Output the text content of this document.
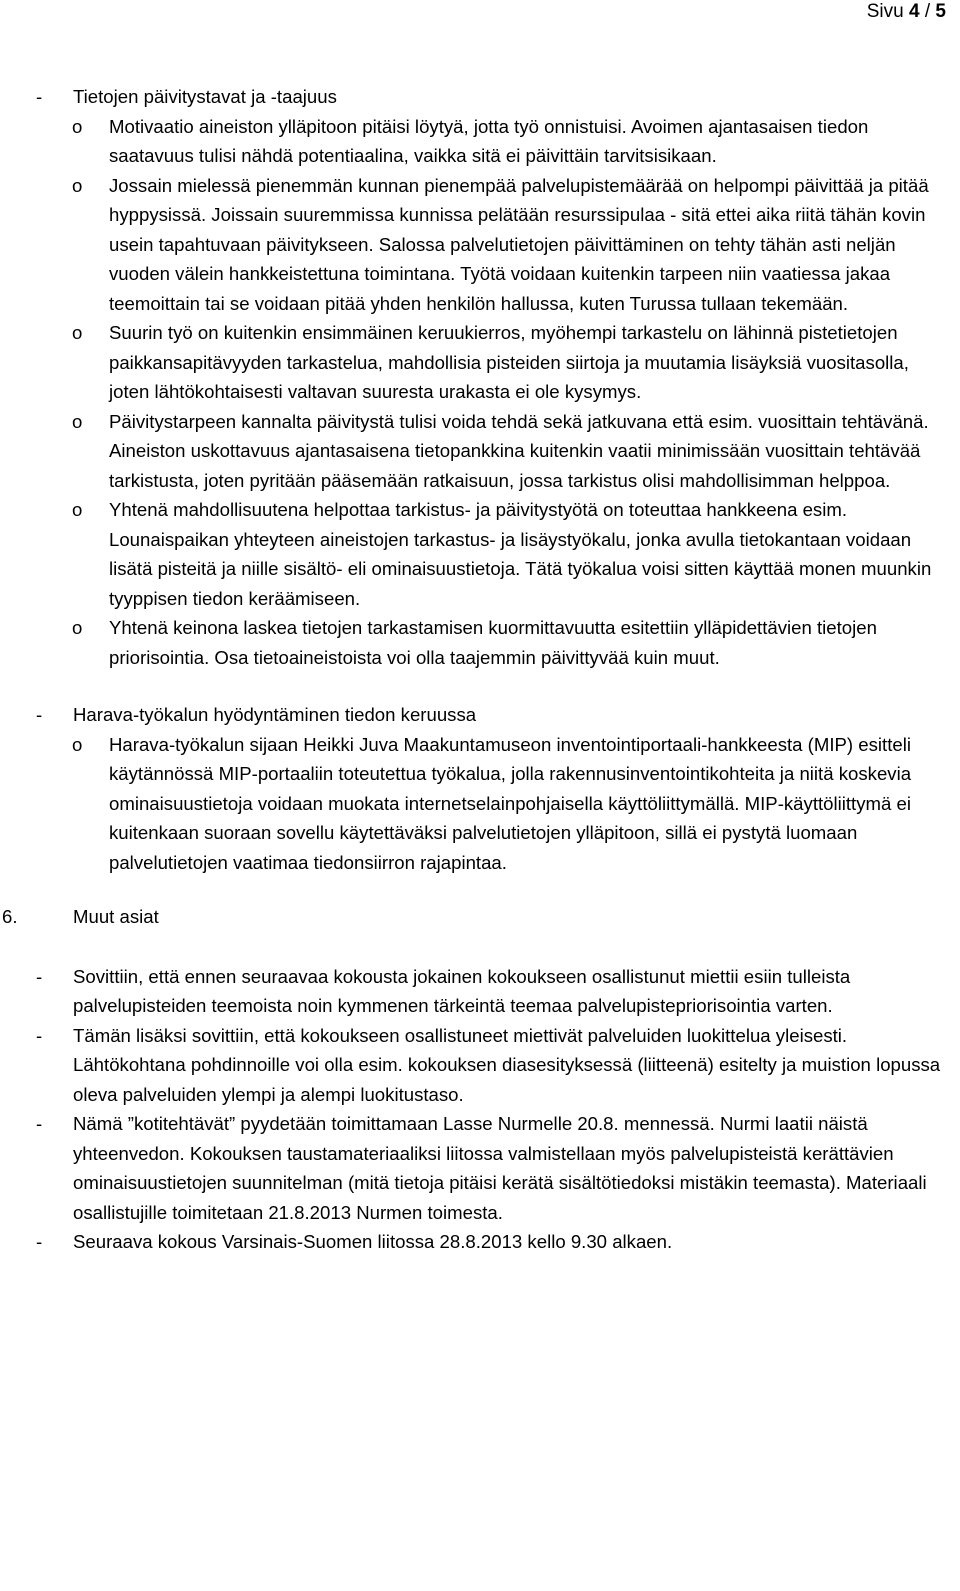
Sivu 4 / 5
- Tietojen päivitystavat ja -taajuus
o Motivaatio aineiston ylläpitoon pitäisi löytyä, jotta työ onnistuisi. Avoimen ajantasaisen tiedon saatavuus tulisi nähdä potentiaalina, vaikka sitä ei päivittäin tarvitsisikaan.
o Jossain mielessä pienemmän kunnan pienempää palvelupistemäärää on helpompi päivittää ja pitää hyppysissä. Joissain suuremmissa kunnissa pelätään resurssipulaa - sitä ettei aika riitä tähän kovin usein tapahtuvaan päivitykseen. Salossa palvelutietojen päivittäminen on tehty tähän asti neljän vuoden välein hankkeistettuna toimintana. Työtä voidaan kuitenkin tarpeen niin vaatiessa jakaa teemoittain tai se voidaan pitää yhden henkilön hallussa, kuten Turussa tullaan tekemään.
o Suurin työ on kuitenkin ensimmäinen keruukierros, myöhempi tarkastelu on lähinnä pistetietojen paikkansapitävyyden tarkastelua, mahdollisia pisteiden siirtoja ja muutamia lisäyksiä vuositasolla, joten lähtökohtaisesti valtavan suuresta urakasta ei ole kysymys.
o Päivitystarpeen kannalta päivitystä tulisi voida tehdä sekä jatkuvana että esim. vuosittain tehtävänä. Aineiston uskottavuus ajantasaisena tietopankkina kuitenkin vaatii minimissään vuosittain tehtävää tarkistusta, joten pyritään pääsemään ratkaisuun, jossa tarkistus olisi mahdollisimman helppoa.
o Yhtenä mahdollisuutena helpottaa tarkistus- ja päivitystyötä on toteuttaa hankkeena esim. Lounaispaikan yhteyteen aineistojen tarkastus- ja lisäystyökalu, jonka avulla tietokantaan voidaan lisätä pisteitä ja niille sisältö- eli ominaisuustietoja. Tätä työkalua voisi sitten käyttää monen muunkin tyyppisen tiedon keräämiseen.
o Yhtenä keinona laskea tietojen tarkastamisen kuormittavuutta esitettiin ylläpidettävien tietojen priorisointia. Osa tietoaineistoista voi olla taajemmin päivittyvää kuin muut.
- Harava-työkalun hyödyntäminen tiedon keruussa
o Harava-työkalun sijaan Heikki Juva Maakuntamuseon inventointiportaali-hankkeesta (MIP) esitteli käytännössä MIP-portaaliin toteutettua työkalua, jolla rakennusinventointikohteita ja niitä koskevia ominaisuustietoja voidaan muokata internetselainpohjaisella käyttöliittymällä. MIP-käyttöliittymä ei kuitenkaan suoraan sovellu käytettäväksi palvelutietojen ylläpitoon, sillä ei pystytä luomaan palvelutietojen vaatimaa tiedonsiirron rajapintaa.
6.	Muut asiat
- Sovittiin, että ennen seuraavaa kokousta jokainen kokoukseen osallistunut miettii esiin tulleista palvelupisteiden teemoista noin kymmenen tärkeintä teemaa palvelupistepriorisointia varten.
- Tämän lisäksi sovittiin, että kokoukseen osallistuneet miettivät palveluiden luokittelua yleisesti. Lähtökohtana pohdinnoille voi olla esim. kokouksen diasesityksessä (liitteenä) esitelty ja muistion lopussa oleva palveluiden ylempi ja alempi luokitustaso.
- Nämä ”kotitehtävät” pyydetään toimittamaan Lasse Nurmelle 20.8. mennessä. Nurmi laatii näistä yhteenvedon. Kokouksen taustamateriaaliksi liitossa valmistellaan myös palvelupisteistä kerättävien ominaisuustietojen suunnitelman (mitä tietoja pitäisi kerätä sisältötiedoksi mistäkin teemasta). Materiaali osallistujille toimitetaan 21.8.2013 Nurmen toimesta.
- Seuraava kokous Varsinais-Suomen liitossa 28.8.2013 kello 9.30 alkaen.
